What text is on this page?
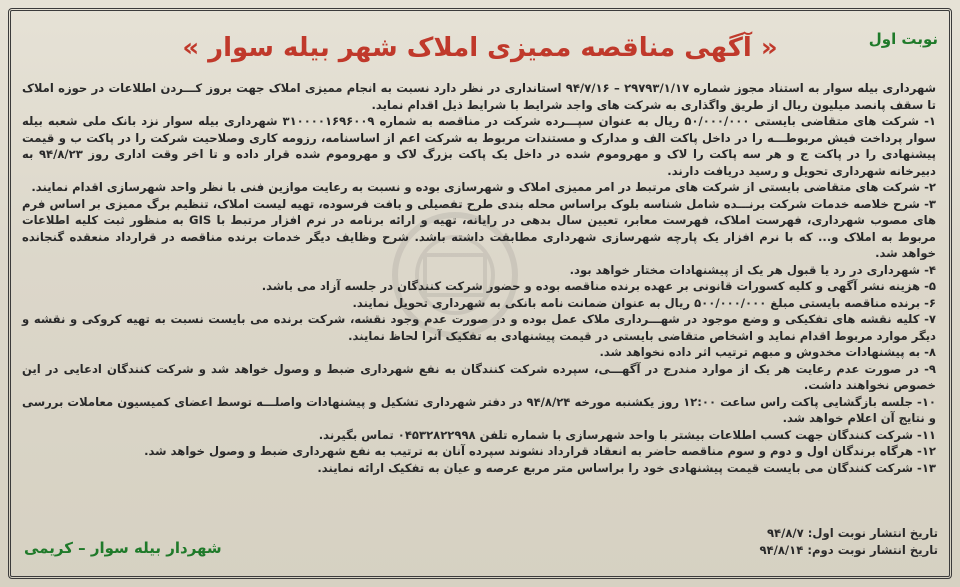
نوبت اول
« آگهی مناقصه ممیزی املاک شهر بیله سوار »

شهرداری بیله سوار به استناد مجوز شماره ۲۹۷۹۳/۱/۱۷ – ۹۴/۷/۱۶ استانداری در نظر دارد نسبت به انجام ممیزی املاک جهت بروز کـــردن اطلاعات در حوزه املاک تا سقف پانصد میلیون ریال از طریق واگذاری به شرکت های واجد شرایط با شرایط ذیل اقدام نماید.

۱- شرکت های متقاضی بایستی ۵۰/۰۰۰/۰۰۰ ریال به عنوان سپـــرده شرکت در مناقصه به شماره ۳۱۰۰۰۰۱۶۹۶۰۰۹ شهرداری بیله سوار نزد بانک ملی شعبه بیله سوار پرداخت فیش مربوطـــه را در داخل پاکت الف و مدارک و مستندات مربوط به شرکت اعم از اساسنامه، رزومه کاری وصلاحیت شرکت را در پاکت ب و قیمت پیشنهادی را در پاکت ج و هر سه پاکت را لاک و مهروموم شده در داخل یک پاکت بزرگ لاک و مهروموم شده قرار داده و تا اخر وقت اداری روز ۹۴/۸/۲۳ به دبیرخانه شهرداری تحویل و رسید دریافت دارند.

۲- شرکت های متقاضی بایستی از شرکت های مرتبط در امر ممیزی املاک و شهرسازی بوده و نسبت به رعایت موازین فنی با نظر واحد شهرسازی اقدام نمایند.

۳- شرح خلاصه خدمات شرکت برنـــده شامل شناسه بلوک براساس محله بندی طرح تفصیلی و بافت فرسوده، تهیه لیست املاک، تنظیم برگ ممیزی بر اساس فرم های مصوب شهرداری، فهرست املاک، فهرست معابر، تعیین سال بدهی در رایانه، تهیه و ارائه برنامه در نرم افزار مرتبط با GIS به منظور ثبت کلیه اطلاعات مربوط به املاک و... که با نرم افزار یک پارچه شهرسازی شهرداری مطابقت داشته باشد. شرح وظایف دیگر خدمات برنده مناقصه در قرارداد منعقده گنجانده خواهد شد.

۴- شهرداری در رد یا قبول هر یک از پیشنهادات مختار خواهد بود.

۵- هزینه نشر آگهی و کلیه کسورات قانونی بر عهده برنده مناقصه بوده و حضور شرکت کنندگان در جلسه آزاد می باشد.

۶- برنده مناقصه بایستی مبلغ ۵۰۰/۰۰۰/۰۰۰ ریال به عنوان ضمانت نامه بانکی به شهرداری تحویل نمایند.

۷- کلیه نقشه های تفکیکی و وضع موجود در شهـــرداری ملاک عمل بوده و در صورت عدم وجود نقشه، شرکت برنده می بایست نسبت به تهیه کروکی و نقشه و دیگر موارد مربوط اقدام نماید و اشخاص متقاضی بایستی در قیمت پیشنهادی به تفکیک آنرا لحاظ نمایند.

۸- به پیشنهادات مخدوش و مبهم ترتیب اثر داده نخواهد شد.

۹- در صورت عدم رعایت هر یک از موارد مندرج در آگهـــی، سپرده شرکت کنندگان به نفع شهرداری ضبط و وصول خواهد شد و شرکت کنندگان ادعایی در این خصوص نخواهند داشت.

۱۰- جلسه بازگشایی پاکت راس ساعت ۱۲:۰۰ روز یکشنبه مورخه ۹۴/۸/۲۴ در دفتر شهرداری تشکیل و پیشنهادات واصلـــه توسط اعضای کمیسیون معاملات بررسی و نتایج آن اعلام خواهد شد.

۱۱- شرکت کنندگان جهت کسب اطلاعات بیشتر با واحد شهرسازی با شماره تلفن ۰۴۵۳۲۸۲۲۹۹۸ تماس بگیرند.

۱۲- هرگاه برندگان اول و دوم و سوم مناقصه حاضر به انعقاد قرارداد نشوند سپرده آنان به ترتیب به نفع شهرداری ضبط و وصول خواهد شد.

۱۳- شرکت کنندگان می بایست قیمت پیشنهادی خود را براساس متر مربع عرصه و عیان به تفکیک ارائه نمایند.

تاریخ انتشار نوبت اول: ۹۴/۸/۷
تاریخ انتشار نوبت دوم: ۹۴/۸/۱۴
شهردار بیله سوار – کریمی
